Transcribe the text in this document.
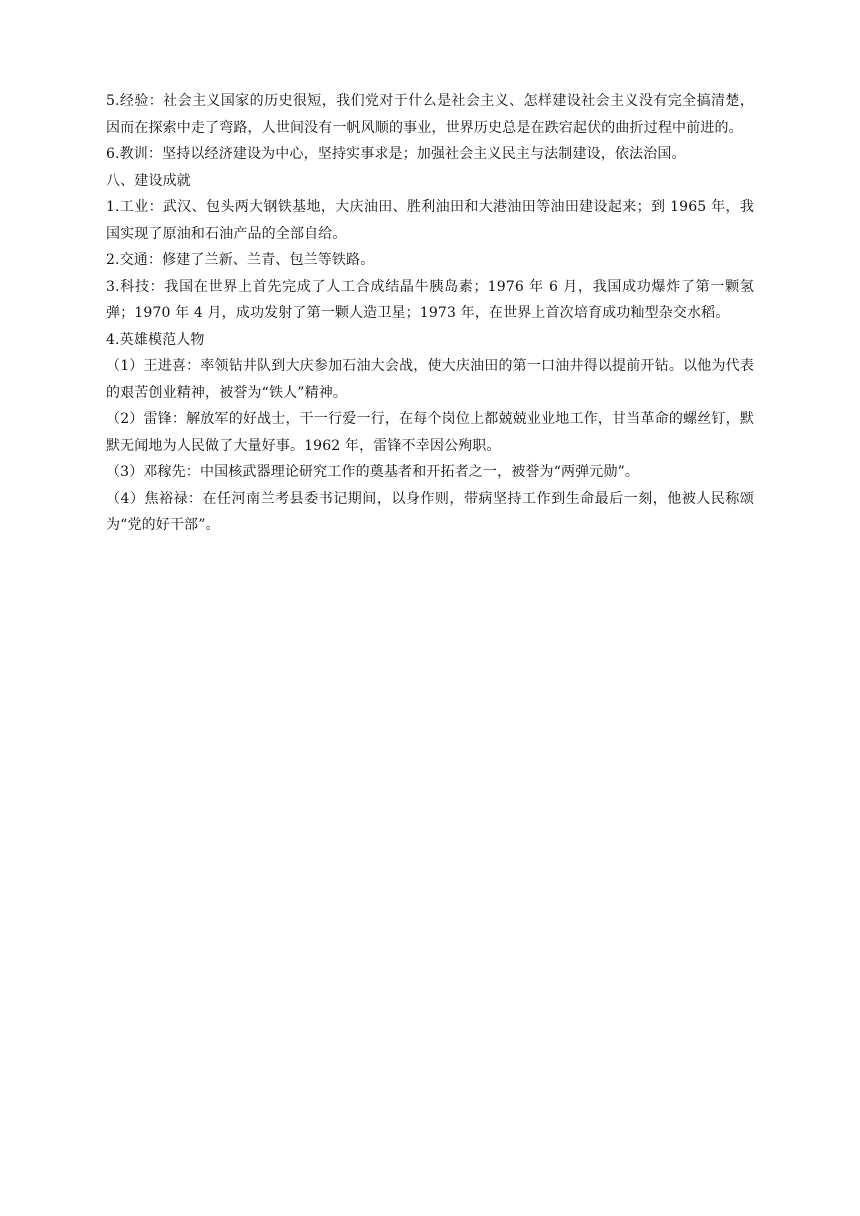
5.经验：社会主义国家的历史很短，我们党对于什么是社会主义、怎样建设社会主义没有完全搞清楚，因而在探索中走了弯路，人世间没有一帆风顺的事业，世界历史总是在跌宕起伏的曲折过程中前进的。

6.教训：坚持以经济建设为中心，坚持实事求是；加强社会主义民主与法制建设，依法治国。

八、建设成就

1.工业：武汉、包头两大钢铁基地，大庆油田、胜利油田和大港油田等油田建设起来；到 1965 年，我国实现了原油和石油产品的全部自给。

2.交通：修建了兰新、兰青、包兰等铁路。

3.科技：我国在世界上首先完成了人工合成结晶牛胰岛素；1976 年 6 月，我国成功爆炸了第一颗氢弹；1970 年 4 月，成功发射了第一颗人造卫星；1973 年，在世界上首次培育成功籼型杂交水稻。

4.英雄模范人物

（1）王进喜：率领钻井队到大庆参加石油大会战，使大庆油田的第一口油井得以提前开钻。以他为代表的艰苦创业精神，被誉为“铁人”精神。

（2）雷锋：解放军的好战士，干一行爱一行，在每个岗位上都兢兢业业地工作，甘当革命的螺丝钉，默默无闻地为人民做了大量好事。1962 年，雷锋不幸因公殉职。

（3）邓稼先：中国核武器理论研究工作的奠基者和开拓者之一，被誉为“两弹元勋”。

（4）焦裕禄：在任河南兰考县委书记期间，以身作则，带病坚持工作到生命最后一刻，他被人民称颂为“党的好干部”。
